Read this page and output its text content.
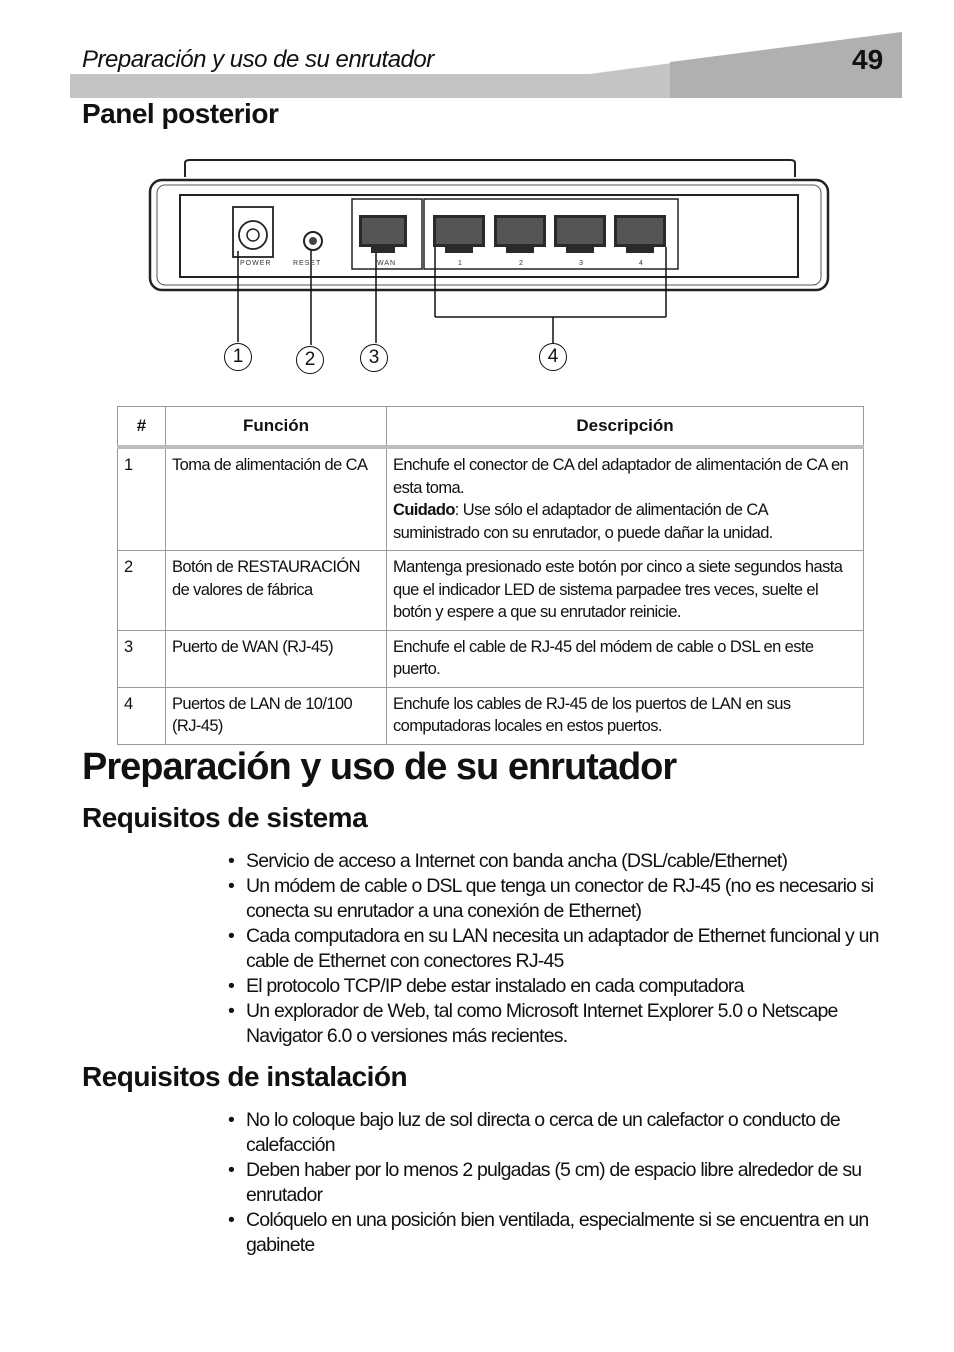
Preparación y uso de su enrutador	49
Panel posterior
POWER	RESET	WAN	1	2	3	4
1	2	3	4
#	Función	Descripción
1	Toma de alimentación de CA	Enchufe el conector de CA del adaptador de alimentación de CA en esta toma.
Cuidado: Use sólo el adaptador de alimentación de CA suministrado con su enrutador, o puede dañar la unidad.
2	Botón de RESTAURACIÓN de valores de fábrica	Mantenga presionado este botón por cinco a siete segundos hasta que el indicador LED de sistema parpadee tres veces, suelte el botón y espere a que su enrutador reinicie.
3	Puerto de WAN (RJ-45)	Enchufe el cable de RJ-45 del módem de cable o DSL en este puerto.
4	Puertos de LAN de 10/100 (RJ-45)	Enchufe los cables de RJ-45 de los puertos de LAN en sus computadoras locales en estos puertos.
Preparación y uso de su enrutador
Requisitos de sistema
• Servicio de acceso a Internet con banda ancha (DSL/cable/Ethernet)
• Un módem de cable o DSL que tenga un conector de RJ-45 (no es necesario si conecta su enrutador a una conexión de Ethernet)
• Cada computadora en su LAN necesita un adaptador de Ethernet funcional y un cable de Ethernet con conectores RJ-45
• El protocolo TCP/IP debe estar instalado en cada computadora
• Un explorador de Web, tal como Microsoft Internet Explorer 5.0 o Netscape Navigator 6.0 o versiones más recientes.
Requisitos de instalación
• No lo coloque bajo luz de sol directa o cerca de un calefactor o conducto de calefacción
• Deben haber por lo menos 2 pulgadas (5 cm) de espacio libre alrededor de su enrutador
• Colóquelo en una posición bien ventilada, especialmente si se encuentra en un gabinete
